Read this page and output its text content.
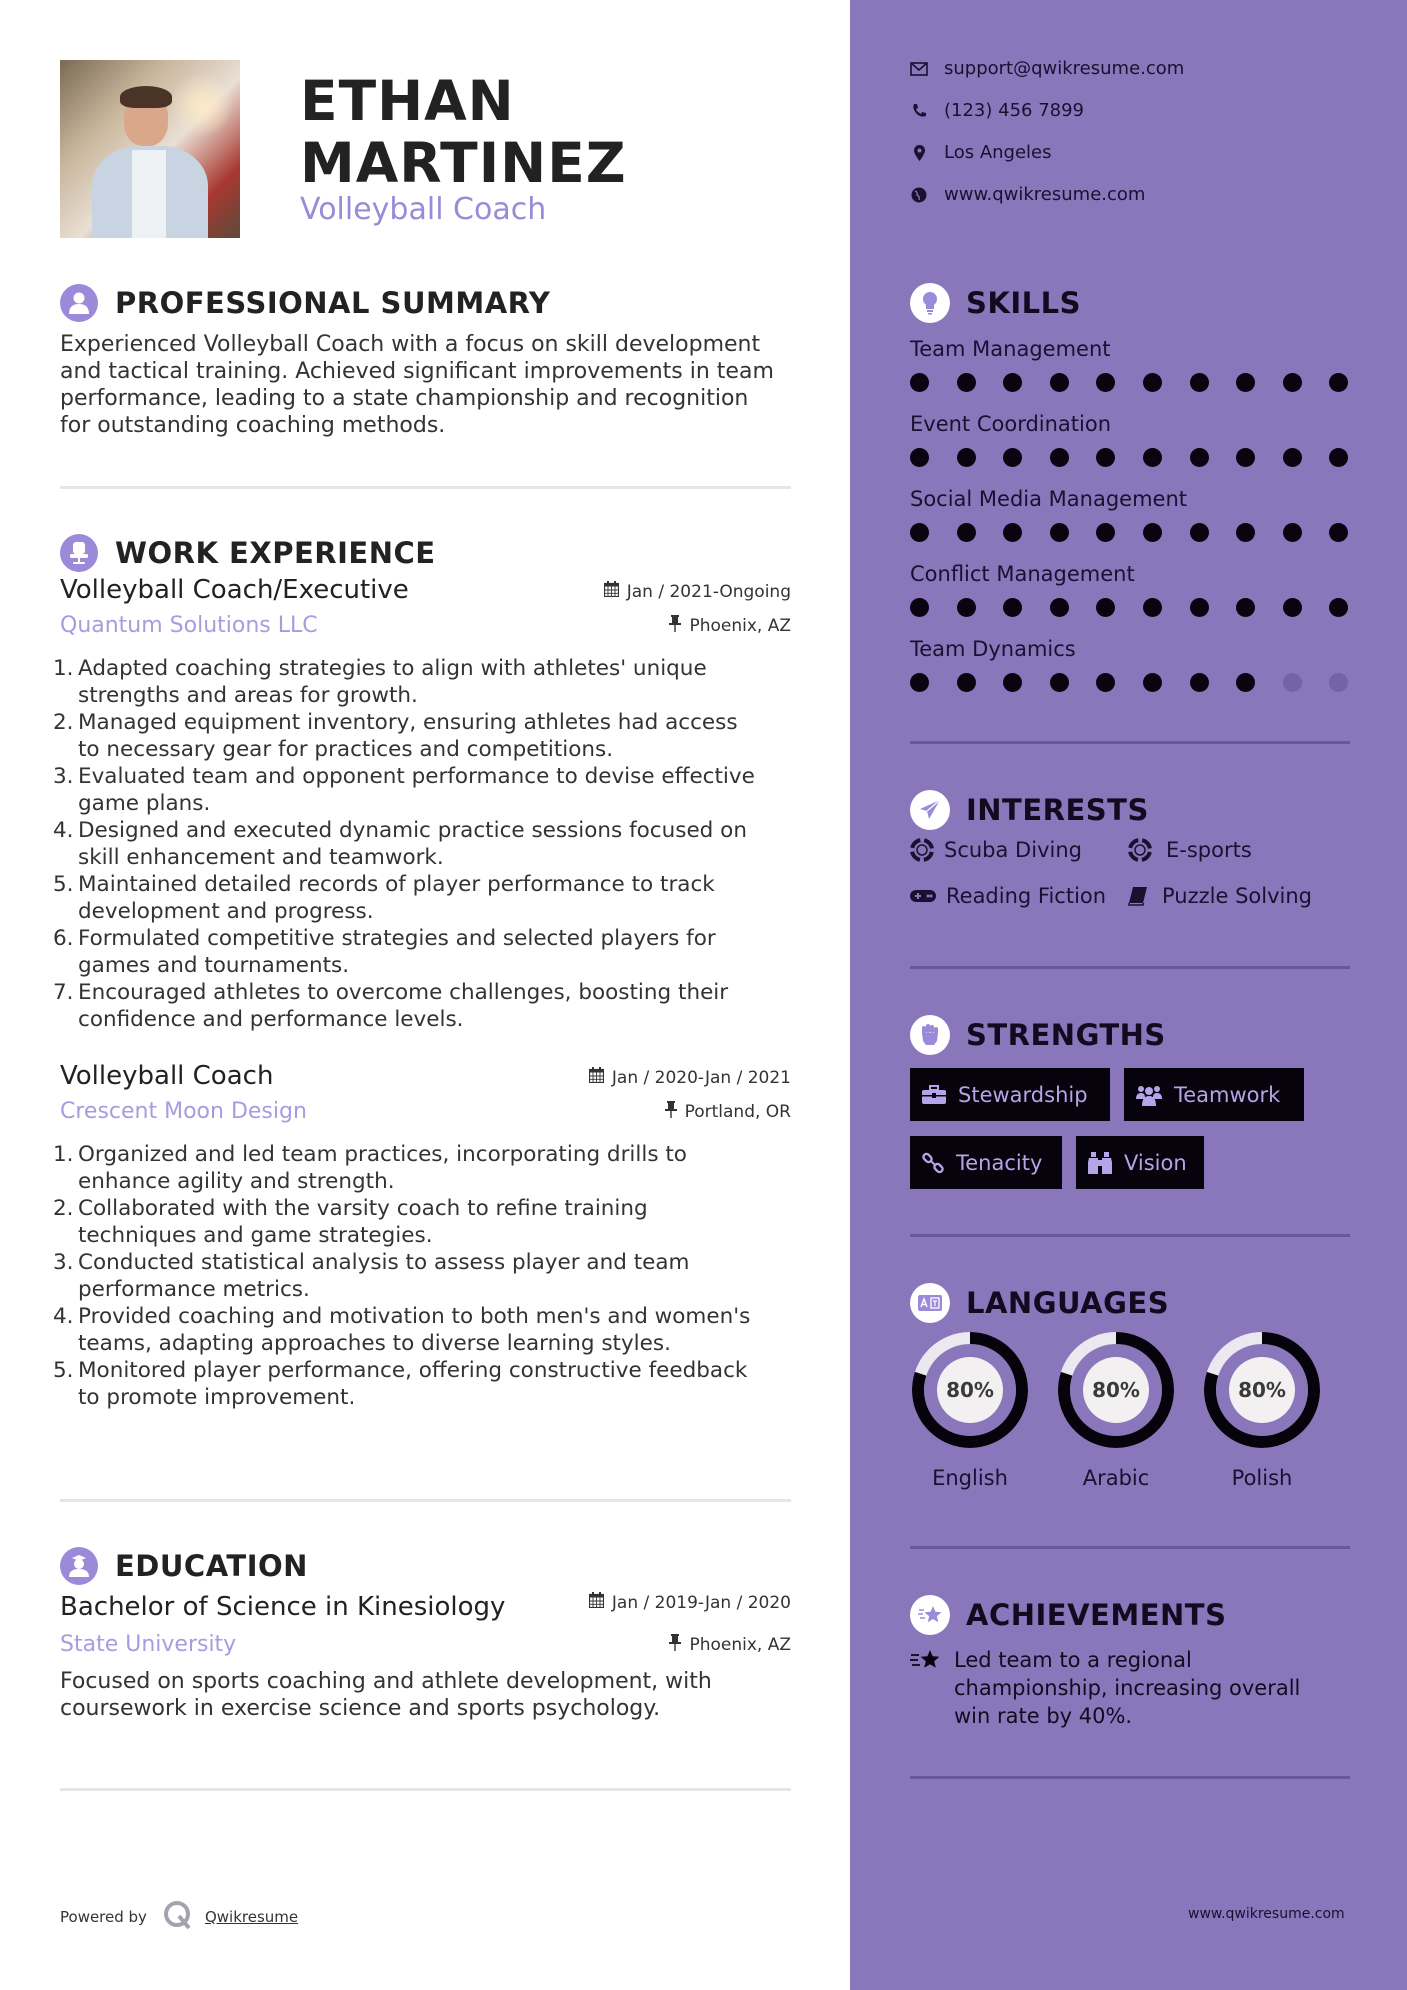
ETHAN
MARTINEZ
Volleyball Coach
PROFESSIONAL SUMMARY
Experienced Volleyball Coach with a focus on skill development
and tactical training. Achieved significant improvements in team
performance, leading to a state championship and recognition
for outstanding coaching methods.
WORK EXPERIENCE
Volleyball Coach/Executive	Jan / 2021-Ongoing
Quantum Solutions LLC	Phoenix, AZ
1. Adapted coaching strategies to align with athletes' unique
strengths and areas for growth.
2. Managed equipment inventory, ensuring athletes had access
to necessary gear for practices and competitions.
3. Evaluated team and opponent performance to devise effective
game plans.
4. Designed and executed dynamic practice sessions focused on
skill enhancement and teamwork.
5. Maintained detailed records of player performance to track
development and progress.
6. Formulated competitive strategies and selected players for
games and tournaments.
7. Encouraged athletes to overcome challenges, boosting their
confidence and performance levels.
Volleyball Coach	Jan / 2020-Jan / 2021
Crescent Moon Design	Portland, OR
1. Organized and led team practices, incorporating drills to
enhance agility and strength.
2. Collaborated with the varsity coach to refine training
techniques and game strategies.
3. Conducted statistical analysis to assess player and team
performance metrics.
4. Provided coaching and motivation to both men's and women's
teams, adapting approaches to diverse learning styles.
5. Monitored player performance, offering constructive feedback
to promote improvement.
EDUCATION
Bachelor of Science in Kinesiology	Jan / 2019-Jan / 2020
State University	Phoenix, AZ
Focused on sports coaching and athlete development, with
coursework in exercise science and sports psychology.
Powered by	Qwikresume
support@qwikresume.com
(123) 456 7899
Los Angeles
www.qwikresume.com
SKILLS
Team Management
Event Coordination
Social Media Management
Conflict Management
Team Dynamics
INTERESTS
Scuba Diving	E-sports
Reading Fiction	Puzzle Solving
STRENGTHS
Stewardship	Teamwork
Tenacity	Vision
LANGUAGES
80%
English
80%
Arabic
80%
Polish
ACHIEVEMENTS
Led team to a regional
championship, increasing overall
win rate by 40%.
www.qwikresume.com
